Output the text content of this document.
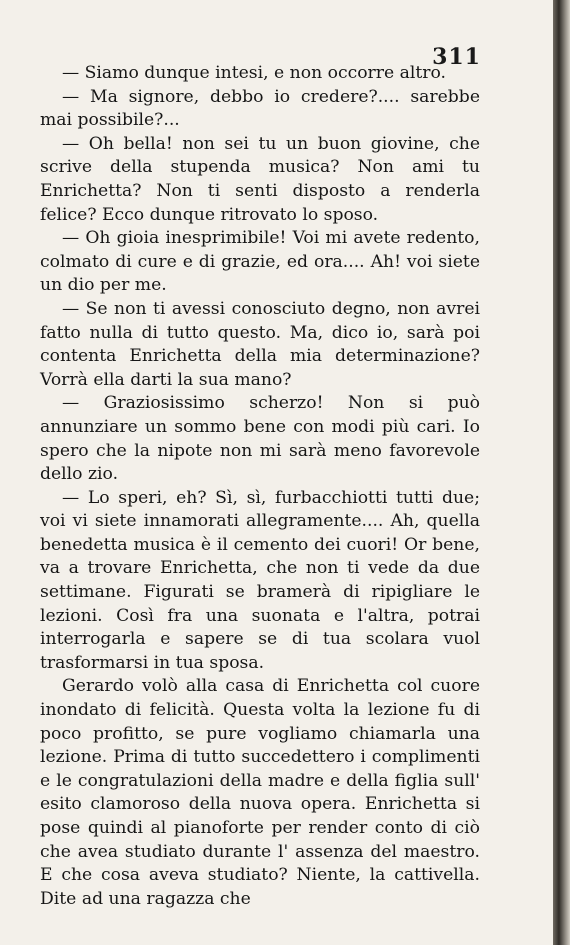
311

— Siamo dunque intesi, e non occorre altro.

— Ma signore, debbo io credere?.... sarebbe mai possibile?...

— Oh bella! non sei tu un buon giovine, che scrive della stupenda musica? Non ami tu Enrichetta? Non ti senti disposto a renderla felice? Ecco dunque ritrovato lo sposo.

— Oh gioia inesprimibile! Voi mi avete redento, colmato di cure e di grazie, ed ora.... Ah! voi siete un dio per me.

— Se non ti avessi conosciuto degno, non avrei fatto nulla di tutto questo. Ma, dico io, sarà poi contenta Enrichetta della mia determinazione? Vorrà ella darti la sua mano?

— Graziosissimo scherzo! Non si può annunziare un sommo bene con modi più cari. Io spero che la nipote non mi sarà meno favorevole dello zio.

— Lo speri, eh? Sì, sì, furbacchiotti tutti due; voi vi siete innamorati allegramente.... Ah, quella benedetta musica è il cemento dei cuori! Or bene, va a trovare Enrichetta, che non ti vede da due settimane. Figurati se bramerà di ripigliare le lezioni. Così fra una suonata e l'altra, potrai interrogarla e sapere se di tua scolara vuol trasformarsi in tua sposa.

Gerardo volò alla casa di Enrichetta col cuore inondato di felicità. Questa volta la lezione fu di poco profitto, se pure vogliamo chiamarla una lezione. Prima di tutto succedettero i complimenti e le congratulazioni della madre e della figlia sull' esito clamoroso della nuova opera. Enrichetta si pose quindi al pianoforte per render conto di ciò che avea studiato durante l' assenza del maestro. E che cosa aveva studiato? Niente, la cattivella. Dite ad una ragazza che
